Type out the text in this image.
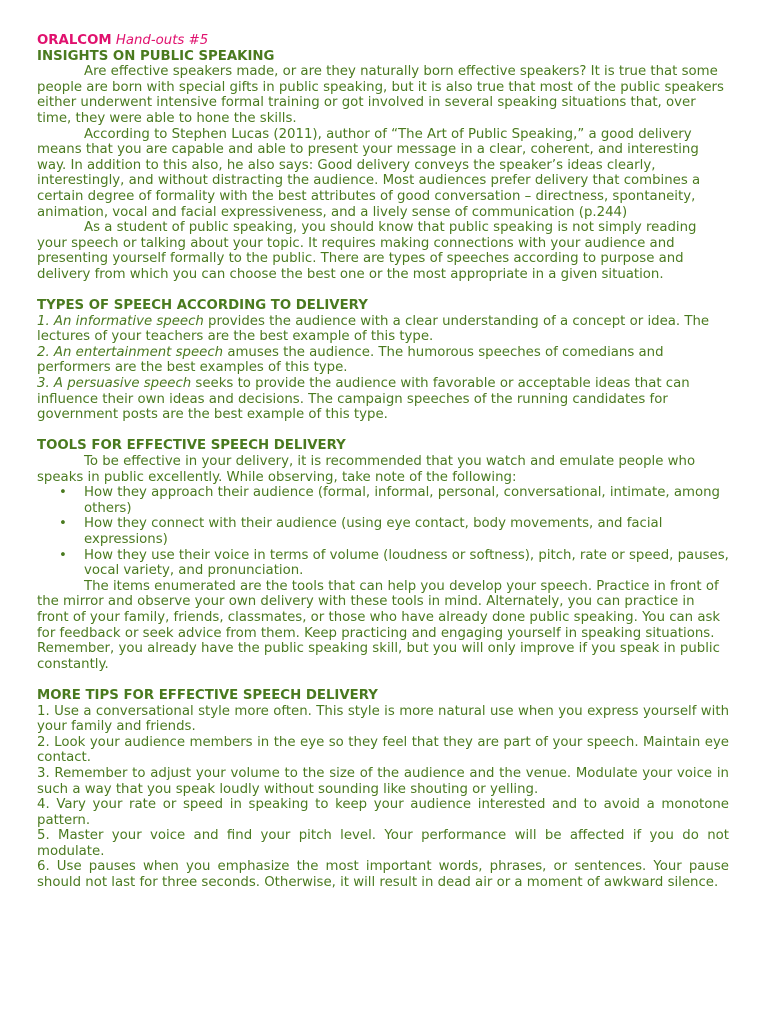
ORALCOM Hand-outs #5

INSIGHTS ON PUBLIC SPEAKING

Are effective speakers made, or are they naturally born effective speakers? It is true that some people are born with special gifts in public speaking, but it is also true that most of the public speakers either underwent intensive formal training or got involved in several speaking situations that, over time, they were able to hone the skills.

According to Stephen Lucas (2011), author of “The Art of Public Speaking,” a good delivery means that you are capable and able to present your message in a clear, coherent, and interesting way. In addition to this also, he also says: Good delivery conveys the speaker’s ideas clearly, interestingly, and without distracting the audience. Most audiences prefer delivery that combines a certain degree of formality with the best attributes of good conversation – directness, spontaneity, animation, vocal and facial expressiveness, and a lively sense of communication (p.244)

As a student of public speaking, you should know that public speaking is not simply reading your speech or talking about your topic. It requires making connections with your audience and presenting yourself formally to the public. There are types of speeches according to purpose and delivery from which you can choose the best one or the most appropriate in a given situation.

TYPES OF SPEECH ACCORDING TO DELIVERY

1. An informative speech provides the audience with a clear understanding of a concept or idea. The lectures of your teachers are the best example of this type.

2. An entertainment speech amuses the audience. The humorous speeches of comedians and performers are the best examples of this type.

3. A persuasive speech seeks to provide the audience with favorable or acceptable ideas that can influence their own ideas and decisions. The campaign speeches of the running candidates for government posts are the best example of this type.

TOOLS FOR EFFECTIVE SPEECH DELIVERY

To be effective in your delivery, it is recommended that you watch and emulate people who speaks in public excellently. While observing, take note of the following:

• How they approach their audience (formal, informal, personal, conversational, intimate, among others)
• How they connect with their audience (using eye contact, body movements, and facial expressions)
• How they use their voice in terms of volume (loudness or softness), pitch, rate or speed, pauses, vocal variety, and pronunciation.

The items enumerated are the tools that can help you develop your speech. Practice in front of the mirror and observe your own delivery with these tools in mind. Alternately, you can practice in front of your family, friends, classmates, or those who have already done public speaking. You can ask for feedback or seek advice from them. Keep practicing and engaging yourself in speaking situations. Remember, you already have the public speaking skill, but you will only improve if you speak in public constantly.

MORE TIPS FOR EFFECTIVE SPEECH DELIVERY

1. Use a conversational style more often. This style is more natural use when you express yourself with your family and friends.

2. Look your audience members in the eye so they feel that they are part of your speech. Maintain eye contact.

3. Remember to adjust your volume to the size of the audience and the venue. Modulate your voice in such a way that you speak loudly without sounding like shouting or yelling.

4. Vary your rate or speed in speaking to keep your audience interested and to avoid a monotone pattern.

5. Master your voice and find your pitch level. Your performance will be affected if you do not modulate.

6. Use pauses when you emphasize the most important words, phrases, or sentences. Your pause should not last for three seconds. Otherwise, it will result in dead air or a moment of awkward silence.
